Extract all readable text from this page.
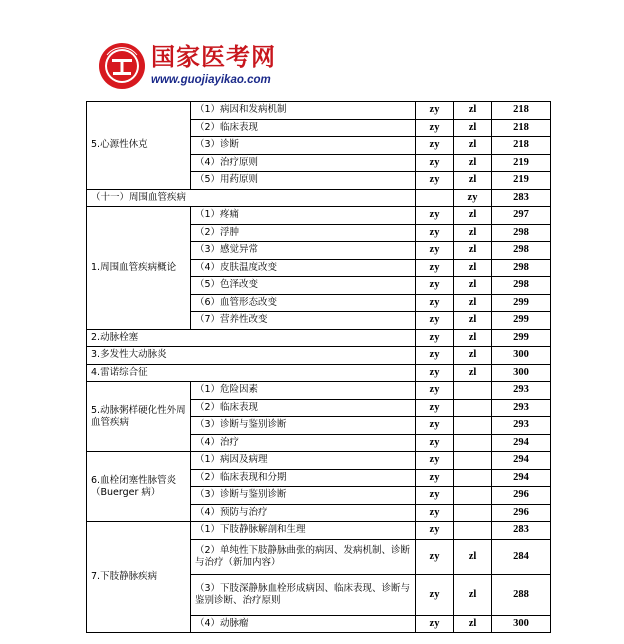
国家医考网
www.guojiayikao.com
5.心源性休克	（1）病因和发病机制	zy	zl	218
	（2）临床表现	zy	zl	218
	（3）诊断	zy	zl	218
	（4）治疗原则	zy	zl	219
	（5）用药原则	zy	zl	219
（十一）周围血管疾病			zy	283
1.周围血管疾病概论	（1）疼痛	zy	zl	297
	（2）浮肿	zy	zl	298
	（3）感觉异常	zy	zl	298
	（4）皮肤温度改变	zy	zl	298
	（5）色泽改变	zy	zl	298
	（6）血管形态改变	zy	zl	299
	（7）营养性改变	zy	zl	299
2.动脉栓塞		zy	zl	299
3.多发性大动脉炎		zy	zl	300
4.雷诺综合征		zy	zl	300
5.动脉粥样硬化性外周血管疾病	（1）危险因素	zy		293
	（2）临床表现	zy		293
	（3）诊断与鉴别诊断	zy		293
	（4）治疗	zy		294
6.血栓闭塞性脉管炎（Buerger 病）	（1）病因及病理	zy		294
	（2）临床表现和分期	zy		294
	（3）诊断与鉴别诊断	zy		296
	（4）预防与治疗	zy		296
7.下肢静脉疾病	（1）下肢静脉解剖和生理	zy		283
	（2）单纯性下肢静脉曲张的病因、发病机制、诊断与治疗（新加内容）	zy	zl	284
	（3）下肢深静脉血栓形成病因、临床表现、诊断与鉴别诊断、治疗原则	zy	zl	288
	（4）动脉瘤	zy	zl	300
